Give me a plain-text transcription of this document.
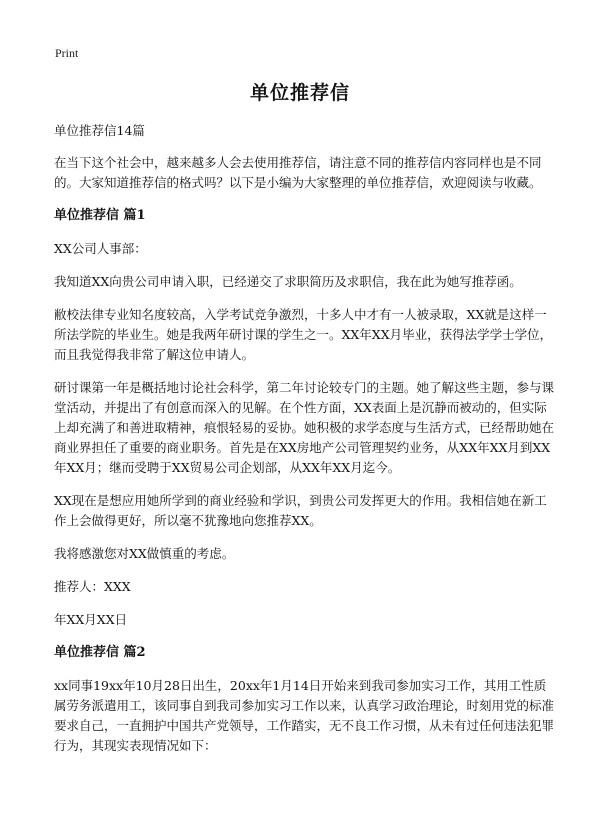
Print
单位推荐信

单位推荐信14篇

在当下这个社会中，越来越多人会去使用推荐信，请注意不同的推荐信内容同样也是不同的。大家知道推荐信的格式吗？以下是小编为大家整理的单位推荐信，欢迎阅读与收藏。

单位推荐信 篇1

XX公司人事部：

我知道XX向贵公司申请入职，已经递交了求职简历及求职信，我在此为她写推荐函。

敝校法律专业知名度较高，入学考试竞争激烈，十多人中才有一人被录取，XX就是这样一所法学院的毕业生。她是我两年研讨课的学生之一。XX年XX月毕业，获得法学学士学位，而且我觉得我非常了解这位申请人。

研讨课第一年是概括地讨论社会科学，第二年讨论较专门的主题。她了解这些主题，参与课堂活动，并提出了有创意而深入的见解。在个性方面，XX表面上是沉静而被动的，但实际上却充满了和善进取精神，痕恨轻易的妥协。她积极的求学态度与生活方式，已经帮助她在商业界担任了重要的商业职务。首先是在XX房地产公司管理契约业务，从XX年XX月到XX年XX月；继而受聘于XX贸易公司企划部，从XX年XX月迄今。

XX现在是想应用她所学到的商业经验和学识，到贵公司发挥更大的作用。我相信她在新工作上会做得更好，所以毫不犹豫地向您推荐XX。

我将感激您对XX做慎重的考虑。

推荐人：XXX

年XX月XX日

单位推荐信 篇2

xx同事19xx年10月28日出生，20xx年1月14日开始来到我司参加实习工作，其用工性质属劳务派遣用工，该同事自到我司参加实习工作以来，认真学习政治理论，时刻用党的标准要求自己，一直拥护中国共产党领导，工作踏实，无不良工作习惯，从未有过任何违法犯罪行为，其现实表现情况如下：
